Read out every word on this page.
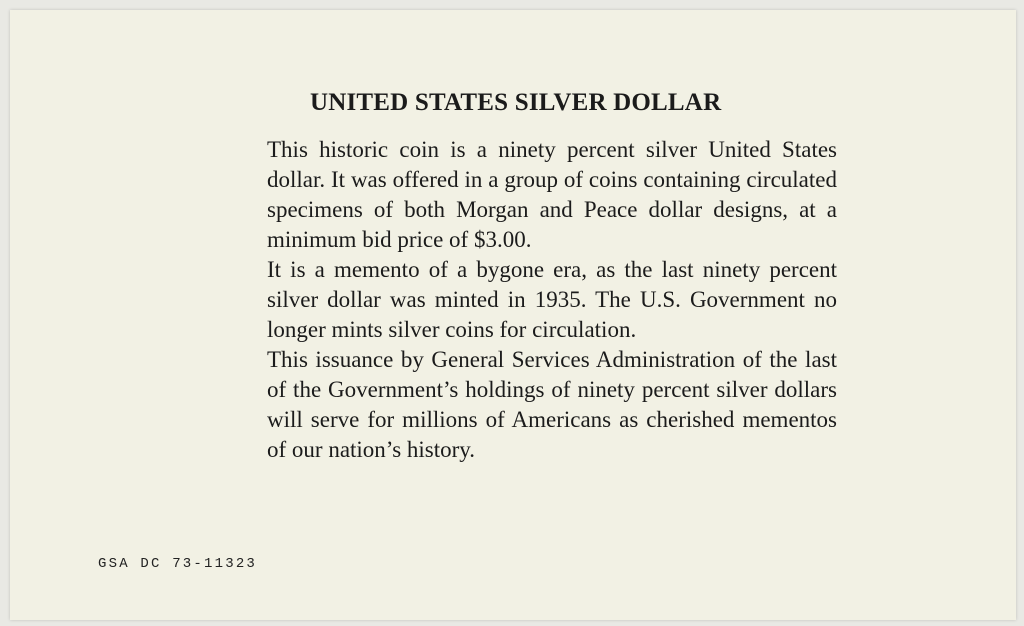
UNITED STATES SILVER DOLLAR

This historic coin is a ninety percent silver United States dollar. It was offered in a group of coins containing circulated specimens of both Morgan and Peace dollar designs, at a minimum bid price of $3.00.

It is a memento of a bygone era, as the last ninety percent silver dollar was minted in 1935. The U.S. Government no longer mints silver coins for circulation.

This issuance by General Services Administration of the last of the Government’s holdings of ninety percent silver dollars will serve for millions of Americans as cherished mementos of our nation’s history.

GSA DC 73-11323
